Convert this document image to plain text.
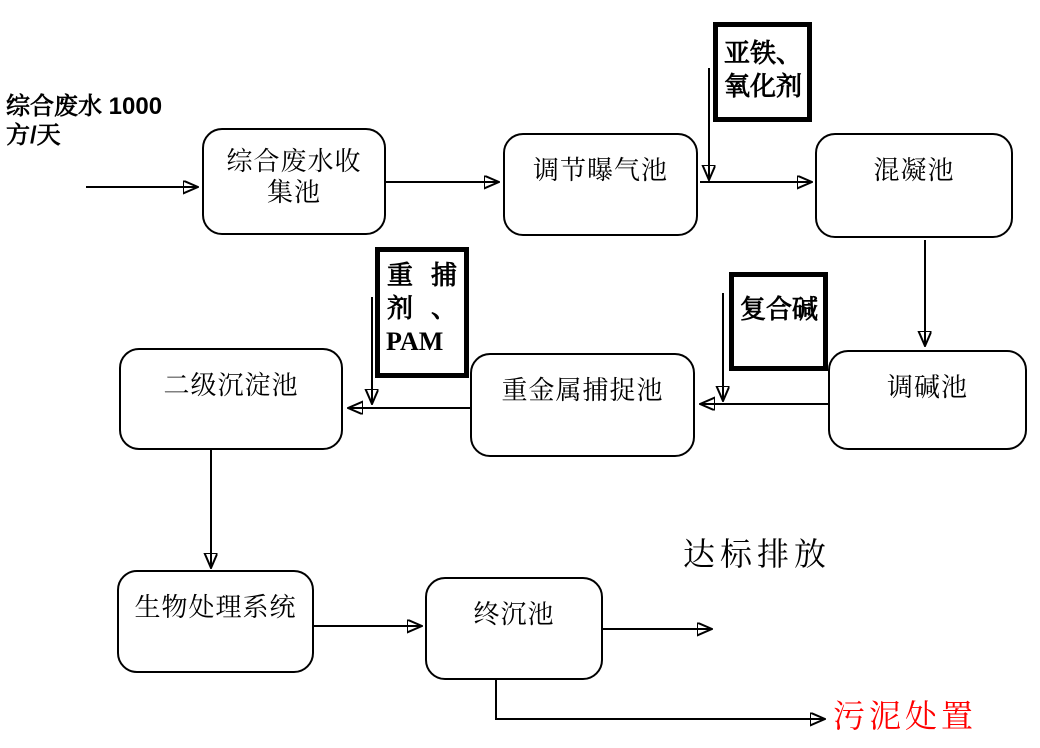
综合废水 1000
方/天
综合废水收
集池
调节曝气池	混凝池
调碱池
重金属捕捉池
二级沉淀池
生物处理系统	终沉池
亚铁、
氧化剂
重 捕
剂 、
PAM
复合碱
达标排放
污泥处置
